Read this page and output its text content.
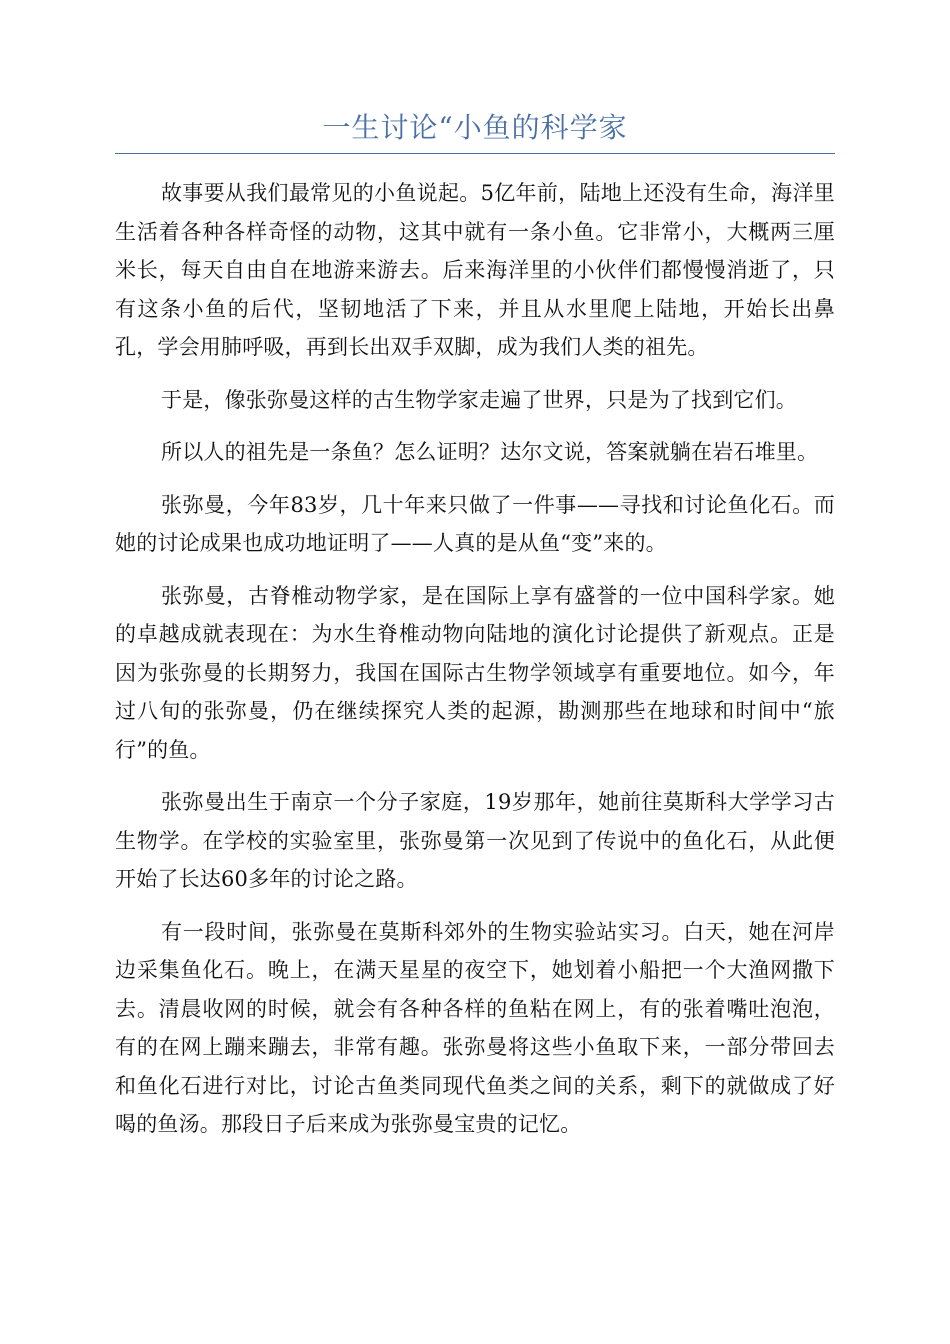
一生讨论“小鱼的科学家

故事要从我们最常见的小鱼说起。5亿年前，陆地上还没有生命，海洋里生活着各种各样奇怪的动物，这其中就有一条小鱼。它非常小，大概两三厘米长，每天自由自在地游来游去。后来海洋里的小伙伴们都慢慢消逝了，只有这条小鱼的后代，坚韧地活了下来，并且从水里爬上陆地，开始长出鼻孔，学会用肺呼吸，再到长出双手双脚，成为我们人类的祖先。

于是，像张弥曼这样的古生物学家走遍了世界，只是为了找到它们。

所以人的祖先是一条鱼？怎么证明？达尔文说，答案就躺在岩石堆里。

张弥曼，今年83岁，几十年来只做了一件事——寻找和讨论鱼化石。而她的讨论成果也成功地证明了——人真的是从鱼“变”来的。

张弥曼，古脊椎动物学家，是在国际上享有盛誉的一位中国科学家。她的卓越成就表现在：为水生脊椎动物向陆地的演化讨论提供了新观点。正是因为张弥曼的长期努力，我国在国际古生物学领域享有重要地位。如今，年过八旬的张弥曼，仍在继续探究人类的起源，勘测那些在地球和时间中“旅行”的鱼。

张弥曼出生于南京一个分子家庭，19岁那年，她前往莫斯科大学学习古生物学。在学校的实验室里，张弥曼第一次见到了传说中的鱼化石，从此便开始了长达60多年的讨论之路。

有一段时间，张弥曼在莫斯科郊外的生物实验站实习。白天，她在河岸边采集鱼化石。晚上，在满天星星的夜空下，她划着小船把一个大渔网撒下去。清晨收网的时候，就会有各种各样的鱼粘在网上，有的张着嘴吐泡泡，有的在网上蹦来蹦去，非常有趣。张弥曼将这些小鱼取下来，一部分带回去和鱼化石进行对比，讨论古鱼类同现代鱼类之间的关系，剩下的就做成了好喝的鱼汤。那段日子后来成为张弥曼宝贵的记忆。
